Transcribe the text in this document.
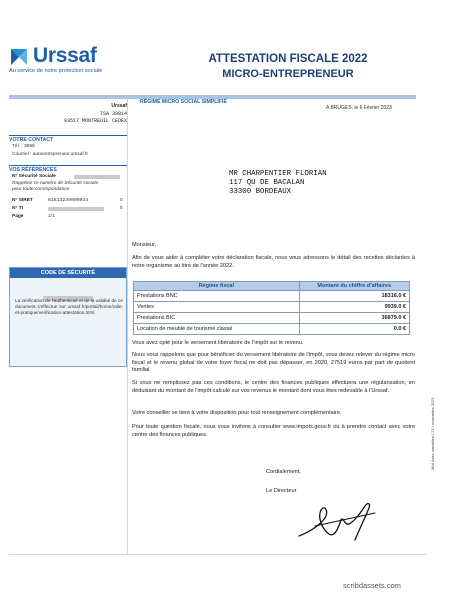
Urssaf
Au service de notre protection sociale
ATTESTATION FISCALE 2022
MICRO-ENTREPRENEUR
RÉGIME MICRO SOCIAL SIMPLIFIÉ
A BRUGES, le 6 Février 2023
Urssaf
TSA 30014
93517 MONTREUIL CEDEX
VOTRE CONTACT
Tél. : 3698
Courriel : autoentrepreneur.urssaf.fr
VOS RÉFÉRENCES
N° Sécurité Sociale
Rappelez ce numéro de Sécurité sociale
pour toute correspondance
N° SIRET	81813239000034	0
N° TI	5
Page	1/1
CODE DE SÉCURITÉ
La vérification de l'authenticité et de la validité de ce document s'effectue sur urssaf.fr/portail/home/utile-et-pratique/verification-attestation.html
MR CHARPENTIER FLORIAN
117 QU DE BACALAN
33300 BORDEAUX
Monsieur,
Afin de vous aider à compléter votre déclaration fiscale, nous vous adressons le détail des recettes déclarées à notre organisme au titre de l'année 2022.
Régime fiscal	Montant du chiffre d'affaires
Prestations BNC	18316.0 €
Ventes	9939.0 €
Prestations BIC	36879.0 €
Location de meublé de tourisme classé	0.0 €
Vous avez opté pour le versement libératoire de l'impôt sur le revenu.
Nous vous rappelons que pour bénéficier du versement libératoire de l'impôt, vous devez relever du régime micro fiscal et le revenu global de votre foyer fiscal ne doit pas dépasser, en 2020, 27519 euros par part de quotient familial.
Si vous ne remplissez pas ces conditions, le centre des finances publiques effectuera une régularisation, en déduisant du montant de l'impôt calculé sur vos revenus le montant dont vous êtes redevable à l'Urssaf.
Votre conseiller se tient à votre disposition pour tout renseignement complémentaire.
Pour toute question fiscale, nous vous invitons à consulter www.impots.gouv.fr ou à prendre contact avec votre centre des finances publiques.
Cordialement,
Le Directeur
MAI Avec variables / 22 / novembre 2021
scribdassets.com
